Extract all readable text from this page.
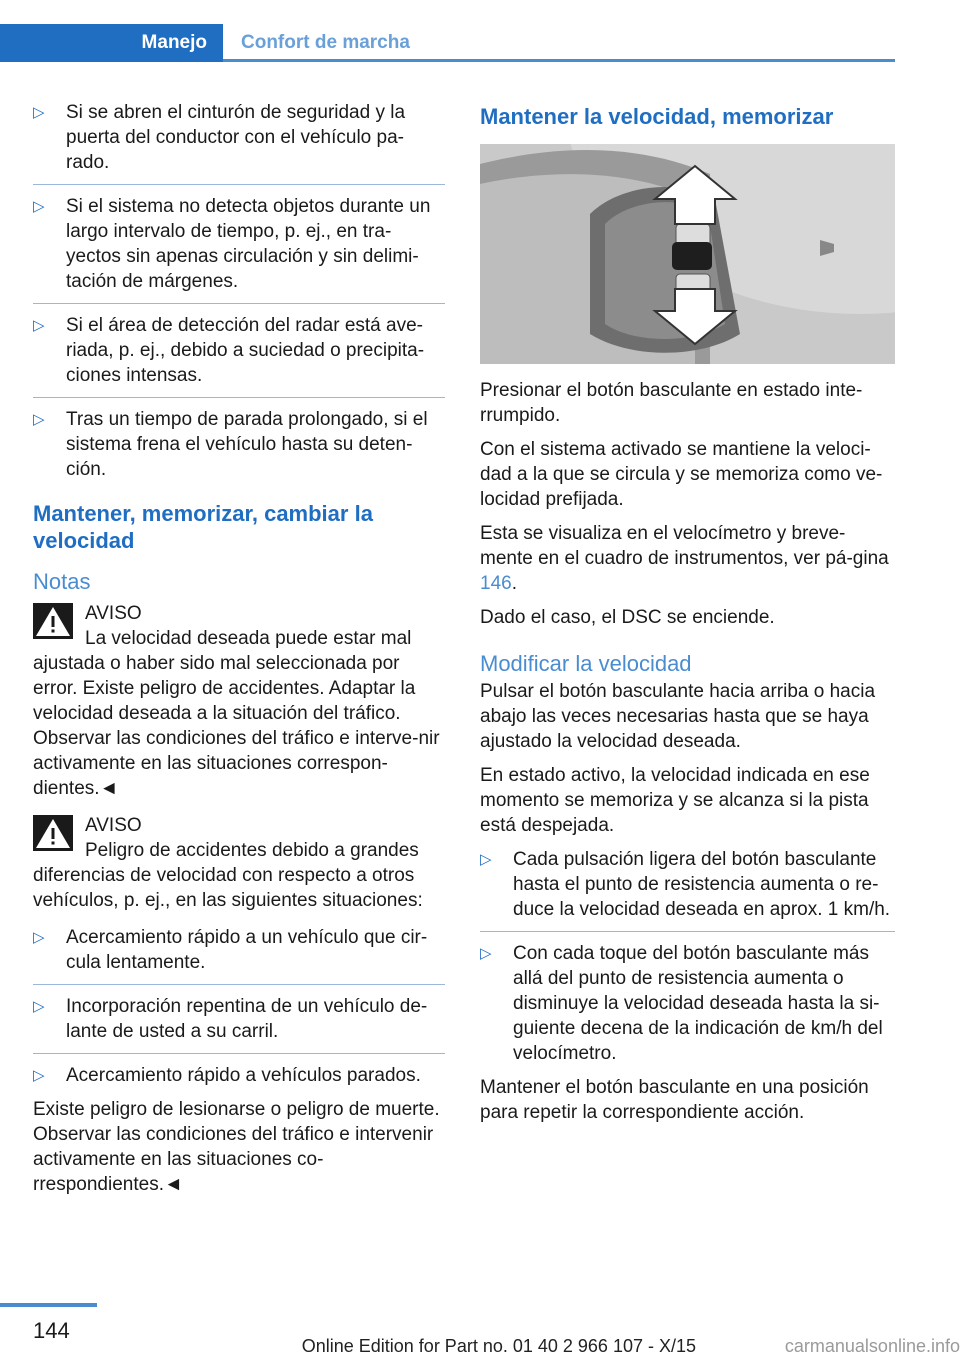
Manejo	Confort de marcha
▷ Si se abren el cinturón de seguridad y la puerta del conductor con el vehículo pa-rado.
▷ Si el sistema no detecta objetos durante un largo intervalo de tiempo, p. ej., en tra-yectos sin apenas circulación y sin delimi-tación de márgenes.
▷ Si el área de detección del radar está ave-riada, p. ej., debido a suciedad o precipita-ciones intensas.
▷ Tras un tiempo de parada prolongado, si el sistema frena el vehículo hasta su deten-ción.
Mantener, memorizar, cambiar la velocidad
Notas

AVISO

La velocidad deseada puede estar mal

ajustada o haber sido mal seleccionada por error. Existe peligro de accidentes. Adaptar la velocidad deseada a la situación del tráfico. Observar las condiciones del tráfico e interve-nir activamente en las situaciones correspon-dientes.◄

AVISO

Peligro de accidentes debido a grandes

diferencias de velocidad con respecto a otros vehículos, p. ej., en las siguientes situaciones:

▷ Acercamiento rápido a un vehículo que cir-cula lentamente.
▷ Incorporación repentina de un vehículo de-lante de usted a su carril.
▷ Acercamiento rápido a vehículos parados.

Existe peligro de lesionarse o peligro de muerte. Observar las condiciones del tráfico e intervenir activamente en las situaciones co-rrespondientes.◄

Mantener la velocidad, memorizar

Presionar el botón basculante en estado inte-rrumpido.

Con el sistema activado se mantiene la veloci-dad a la que se circula y se memoriza como ve-locidad prefijada.

Esta se visualiza en el velocímetro y breve-mente en el cuadro de instrumentos, ver pá-gina 146.

Dado el caso, el DSC se enciende.

Modificar la velocidad

Pulsar el botón basculante hacia arriba o hacia abajo las veces necesarias hasta que se haya ajustado la velocidad deseada.

En estado activo, la velocidad indicada en ese momento se memoriza y se alcanza si la pista está despejada.

▷ Cada pulsación ligera del botón basculante hasta el punto de resistencia aumenta o re-duce la velocidad deseada en aprox. 1 km/h.
▷ Con cada toque del botón basculante más allá del punto de resistencia aumenta o disminuye la velocidad deseada hasta la si-guiente decena de la indicación de km/h del velocímetro.

Mantener el botón basculante en una posición para repetir la correspondiente acción.

144
Online Edition for Part no. 01 40 2 966 107 - X/15	carmanualsonline.info
